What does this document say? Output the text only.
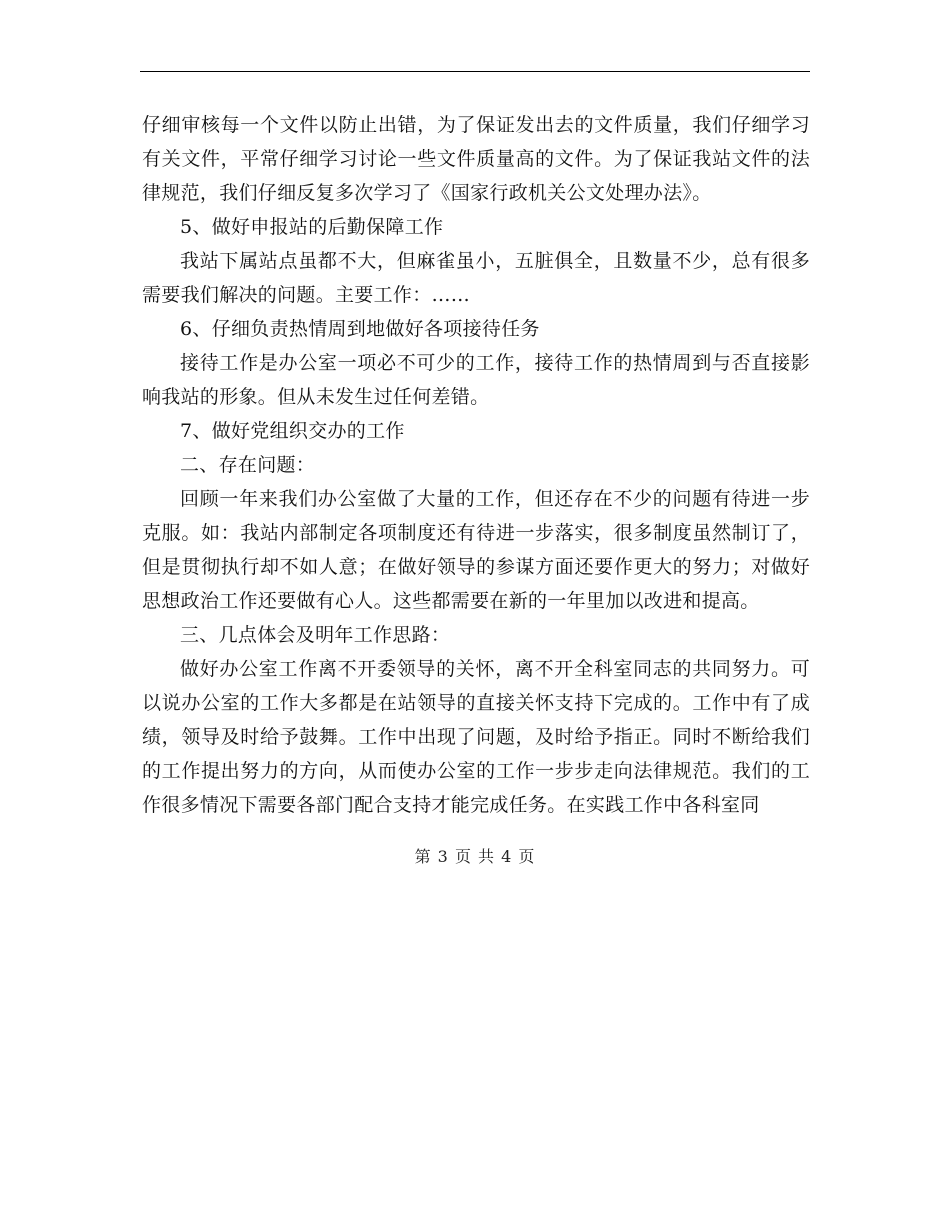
仔细审核每一个文件以防止出错，为了保证发出去的文件质量，我们仔细学习有关文件，平常仔细学习讨论一些文件质量高的文件。为了保证我站文件的法律规范，我们仔细反复多次学习了《国家行政机关公文处理办法》。

5、做好申报站的后勤保障工作

我站下属站点虽都不大，但麻雀虽小，五脏俱全，且数量不少，总有很多需要我们解决的问题。主要工作：……

6、仔细负责热情周到地做好各项接待任务

接待工作是办公室一项必不可少的工作，接待工作的热情周到与否直接影响我站的形象。但从未发生过任何差错。

7、做好党组织交办的工作

二、存在问题：

回顾一年来我们办公室做了大量的工作，但还存在不少的问题有待进一步克服。如：我站内部制定各项制度还有待进一步落实，很多制度虽然制订了，但是贯彻执行却不如人意；在做好领导的参谋方面还要作更大的努力；对做好思想政治工作还要做有心人。这些都需要在新的一年里加以改进和提高。

三、几点体会及明年工作思路：

做好办公室工作离不开委领导的关怀，离不开全科室同志的共同努力。可以说办公室的工作大多都是在站领导的直接关怀支持下完成的。工作中有了成绩，领导及时给予鼓舞。工作中出现了问题，及时给予指正。同时不断给我们的工作提出努力的方向，从而使办公室的工作一步步走向法律规范。我们的工作很多情况下需要各部门配合支持才能完成任务。在实践工作中各科室同

第 3 页 共 4 页
